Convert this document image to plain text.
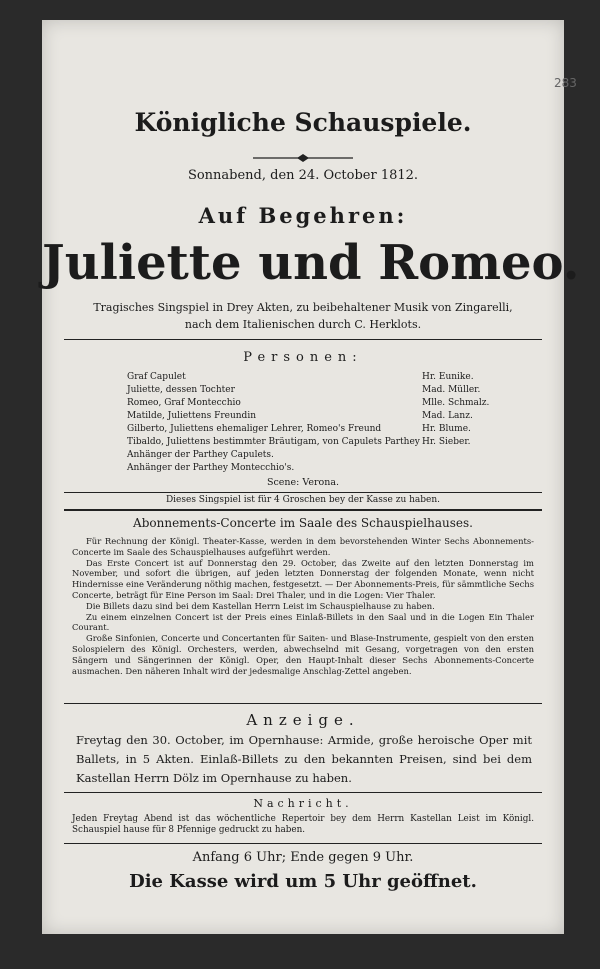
283
Königliche Schauspiele.
Sonnabend, den 24. October 1812.
Auf Begehren:
Juliette und Romeo.
Tragisches Singspiel in Drey Akten, zu beibehaltener Musik von Zingarelli,
nach dem Italienischen durch C. Herklots.
Personen:
Graf Capulet	Hr. Eunike.
Juliette, dessen Tochter	Mad. Müller.
Romeo, Graf Montecchio	Mlle. Schmalz.
Matilde, Juliettens Freundin	Mad. Lanz.
Gilberto, Juliettens ehemaliger Lehrer, Romeo's Freund	Hr. Blume.
Tibaldo, Juliettens bestimmter Bräutigam, von Capulets Parthey Hr. Sieber.
Anhänger der Parthey Capulets.
Anhänger der Parthey Montecchio's.
Scene: Verona.
Dieses Singspiel ist für 4 Groschen bey der Kasse zu haben.
Abonnements-Concerte im Saale des Schauspielhauses.

Für Rechnung der Königl. Theater-Kasse, werden in dem bevorstehenden Winter Sechs Abonnements-Concerte im Saale des Schauspielhauses aufgeführt werden.

Das Erste Concert ist auf Donnerstag den 29. October, das Zweite auf den letzten Donnerstag im November, und sofort die übrigen, auf jeden letzten Donnerstag der folgenden Monate, wenn nicht Hindernisse eine Veränderung nöthig machen, festgesetzt. — Der Abonnements-Preis, für sämmtliche Sechs Concerte, beträgt für Eine Person im Saal: Drei Thaler, und in die Logen: Vier Thaler.

Die Billets dazu sind bei dem Kastellan Herrn Leist im Schauspielhause zu haben.

Zu einem einzelnen Concert ist der Preis eines Einlaß-Billets in den Saal und in die Logen Ein Thaler Courant.

Große Sinfonien, Concerte und Concertanten für Saiten- und Blase-Instrumente, gespielt von den ersten Solospielern des Königl. Orchesters, werden, abwechselnd mit Gesang, vorgetragen von den ersten Sängern und Sängerinnen der Königl. Oper, den Haupt-Inhalt dieser Sechs Abonnements-Concerte ausmachen. Den näheren Inhalt wird der jedesmalige Anschlag-Zettel angeben.

Anzeige.
Freytag den 30. October, im Opernhause: Armide, große heroische Oper mit Ballets, in 5 Akten. Einlaß-Billets zu den bekannten Preisen, sind bei dem Kastellan Herrn Dölz im Opernhause zu haben.
Nachricht.
Jeden Freytag Abend ist das wöchentliche Repertoir bey dem Herrn Kastellan Leist im Königl. Schauspiel hause für 8 Pfennige gedruckt zu haben.
Anfang 6 Uhr; Ende gegen 9 Uhr.
Die Kasse wird um 5 Uhr geöffnet.
